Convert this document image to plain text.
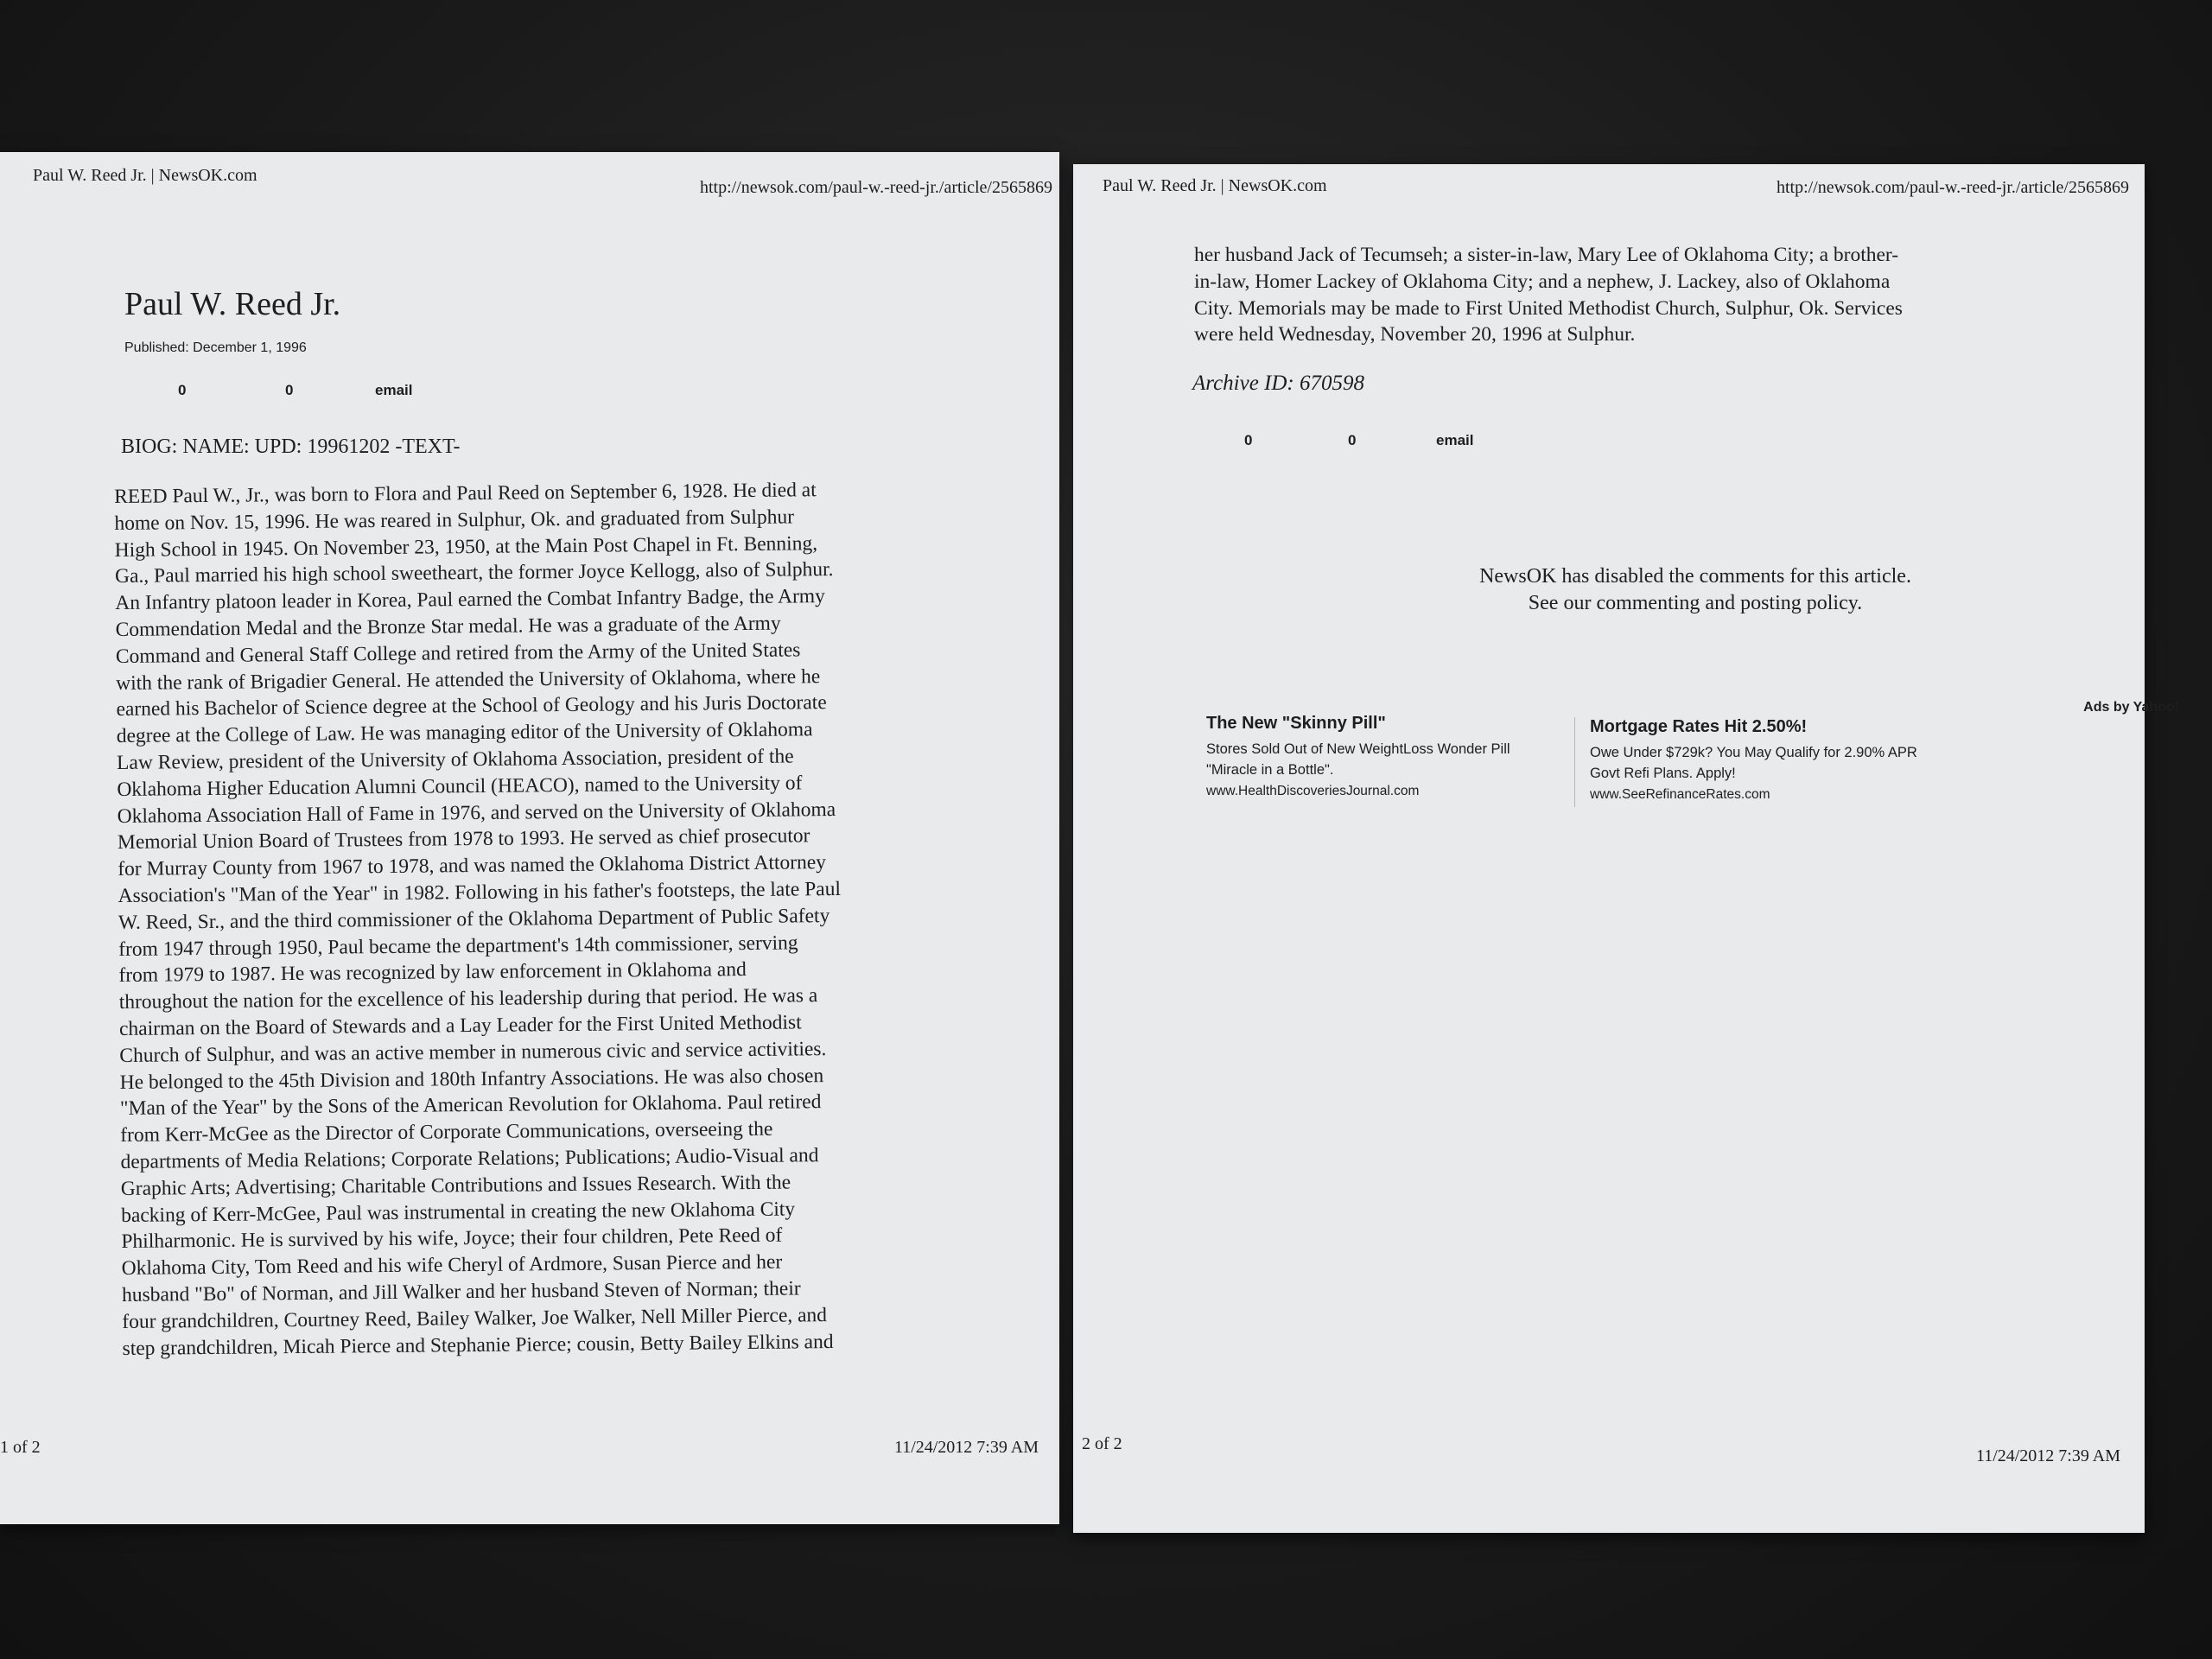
Paul W. Reed Jr. | NewsOK.com
http://newsok.com/paul-w.-reed-jr./article/2565869
Paul W. Reed Jr.
Published: December 1, 1996
0	0	email
BIOG: NAME: UPD: 19961202 -TEXT-
REED Paul W., Jr., was born to Flora and Paul Reed on September 6, 1928. He died at
home on Nov. 15, 1996. He was reared in Sulphur, Ok. and graduated from Sulphur
High School in 1945. On November 23, 1950, at the Main Post Chapel in Ft. Benning,
Ga., Paul married his high school sweetheart, the former Joyce Kellogg, also of Sulphur.
An Infantry platoon leader in Korea, Paul earned the Combat Infantry Badge, the Army
Commendation Medal and the Bronze Star medal. He was a graduate of the Army
Command and General Staff College and retired from the Army of the United States
with the rank of Brigadier General. He attended the University of Oklahoma, where he
earned his Bachelor of Science degree at the School of Geology and his Juris Doctorate
degree at the College of Law. He was managing editor of the University of Oklahoma
Law Review, president of the University of Oklahoma Association, president of the
Oklahoma Higher Education Alumni Council (HEACO), named to the University of
Oklahoma Association Hall of Fame in 1976, and served on the University of Oklahoma
Memorial Union Board of Trustees from 1978 to 1993. He served as chief prosecutor
for Murray County from 1967 to 1978, and was named the Oklahoma District Attorney
Association's "Man of the Year" in 1982. Following in his father's footsteps, the late Paul
W. Reed, Sr., and the third commissioner of the Oklahoma Department of Public Safety
from 1947 through 1950, Paul became the department's 14th commissioner, serving
from 1979 to 1987. He was recognized by law enforcement in Oklahoma and
throughout the nation for the excellence of his leadership during that period. He was a
chairman on the Board of Stewards and a Lay Leader for the First United Methodist
Church of Sulphur, and was an active member in numerous civic and service activities.
He belonged to the 45th Division and 180th Infantry Associations. He was also chosen
"Man of the Year" by the Sons of the American Revolution for Oklahoma. Paul retired
from Kerr-McGee as the Director of Corporate Communications, overseeing the
departments of Media Relations; Corporate Relations; Publications; Audio-Visual and
Graphic Arts; Advertising; Charitable Contributions and Issues Research. With the
backing of Kerr-McGee, Paul was instrumental in creating the new Oklahoma City
Philharmonic. He is survived by his wife, Joyce; their four children, Pete Reed of
Oklahoma City, Tom Reed and his wife Cheryl of Ardmore, Susan Pierce and her
husband "Bo" of Norman, and Jill Walker and her husband Steven of Norman; their
four grandchildren, Courtney Reed, Bailey Walker, Joe Walker, Nell Miller Pierce, and
step grandchildren, Micah Pierce and Stephanie Pierce; cousin, Betty Bailey Elkins and
1 of 2	11/24/2012 7:39 AM
Paul W. Reed Jr. | NewsOK.com	http://newsok.com/paul-w.-reed-jr./article/2565869
her husband Jack of Tecumseh; a sister-in-law, Mary Lee of Oklahoma City; a brother-
in-law, Homer Lackey of Oklahoma City; and a nephew, J. Lackey, also of Oklahoma
City. Memorials may be made to First United Methodist Church, Sulphur, Ok. Services
were held Wednesday, November 20, 1996 at Sulphur.
Archive ID: 670598
0	0	email
NewsOK has disabled the comments for this article.
See our commenting and posting policy.
Ads by Yahoo!
The New "Skinny Pill"
Stores Sold Out of New WeightLoss Wonder Pill
"Miracle in a Bottle".
www.HealthDiscoveriesJournal.com
Mortgage Rates Hit 2.50%!
Owe Under $729k? You May Qualify for 2.90% APR
Govt Refi Plans. Apply!
www.SeeRefinanceRates.com
2 of 2
11/24/2012 7:39 AM
